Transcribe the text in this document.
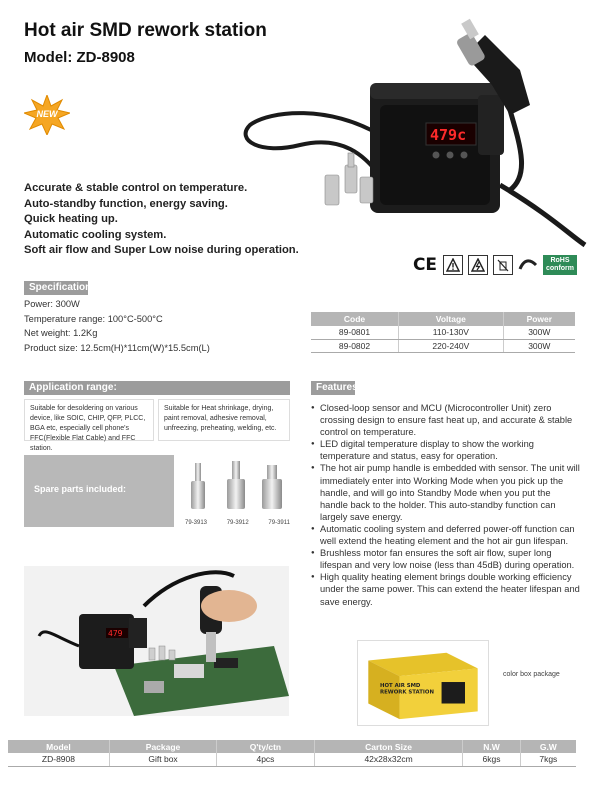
Hot air SMD rework station
Model: ZD-8908
NEW
479c
Accurate & stable control on temperature.
Auto-standby function, energy saving.
Quick heating up.
Automatic cooling system.
Soft air flow and Super Low noise during operation.
CE	RoHS
conform
Specification
Power: 300W
Temperature range: 100°C-500°C
Net weight: 1.2Kg
Product size: 12.5cm(H)*11cm(W)*15.5cm(L)
Code	Voltage	Power
89-0801	110-130V	300W
89-0802	220-240V	300W
Application range:
Suitable for desoldering on various device, like SOIC, CHIP, QFP, PLCC, BGA etc, especially cell phone's FFC(Flexible Flat Cable) and FFC station.
Suitable for Heat shrinkage, drying, paint removal, adhesive removal, unfreezing, preheating, welding, etc.
Spare parts included:
79-3913	79-3912	79-3911
Features
● Closed-loop sensor and MCU (Microcontroller Unit) zero crossing design to ensure fast heat up, and accurate & stable control on temperature.
● LED digital temperature display to show the working temperature and status, easy for operation.
● The hot air pump handle is embedded with sensor. The unit will immediately enter into Working Mode when you pick up the handle, and will go into Standby Mode when you put the handle back to the holder. This auto-standby function can largely save energy.
● Automatic cooling system and deferred power-off function can well extend the heating element and the hot air gun lifespan.
● Brushless motor fan ensures the soft air flow, super long lifespan and very low noise (less than 45dB) during operation.
● High quality heating element brings double working efficiency under the same power. This can extend the heater lifespan and save energy.
479
HOT AIR SMD
REWORK STATION
color box package
Model	Package	Q'ty/ctn	Carton Size	N.W	G.W
ZD-8908	Gift box	4pcs	42x28x32cm	6kgs	7kgs
